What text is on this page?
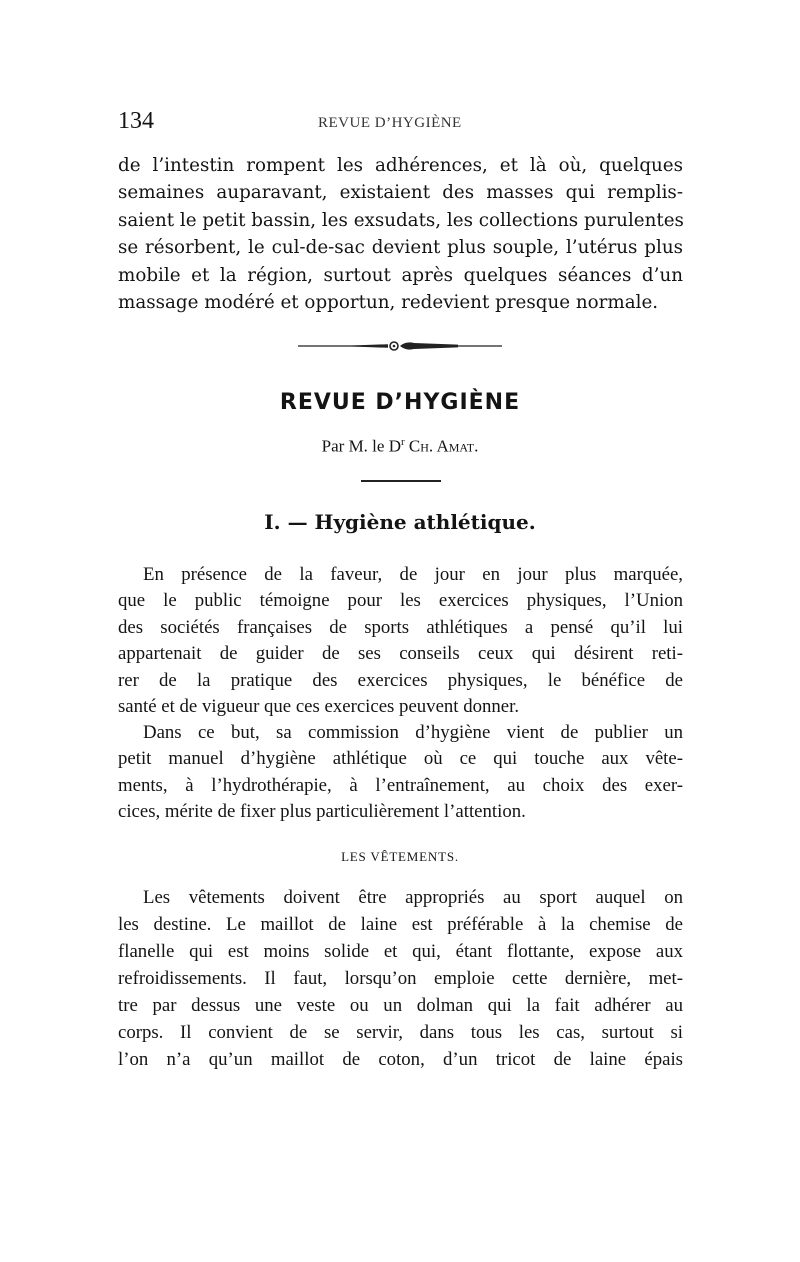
134	REVUE D’HYGIÈNE
de l’intestin rompent les adhérences, et là où, quelques
semaines auparavant, existaient des masses qui remplis-
saient le petit bassin, les exsudats, les collections purulentes
se résorbent, le cul-de-sac devient plus souple, l’utérus plus
mobile et la région, surtout après quelques séances d’un
massage modéré et opportun, redevient presque normale.
REVUE D’HYGIÈNE
Par M. le $D^r$ Ch. Amat.
I. — Hygiène athlétique.
En présence de la faveur, de jour en jour plus marquée,
que le public témoigne pour les exercices physiques, l’Union
des sociétés françaises de sports athlétiques a pensé qu’il lui
appartenait de guider de ses conseils ceux qui désirent reti-
rer de la pratique des exercices physiques, le bénéfice de
santé et de vigueur que ces exercices peuvent donner.
Dans ce but, sa commission d’hygiène vient de publier un
petit manuel d’hygiène athlétique où ce qui touche aux vête-
ments, à l’hydrothérapie, à l’entraînement, au choix des exer-
cices, mérite de fixer plus particulièrement l’attention.
LES VÊTEMENTS.
Les vêtements doivent être appropriés au sport auquel on
les destine. Le maillot de laine est préférable à la chemise de
flanelle qui est moins solide et qui, étant flottante, expose aux
refroidissements. Il faut, lorsqu’on emploie cette dernière, met-
tre par dessus une veste ou un dolman qui la fait adhérer au
corps. Il convient de se servir, dans tous les cas, surtout si
l’on n’a qu’un maillot de coton, d’un tricot de laine épais
